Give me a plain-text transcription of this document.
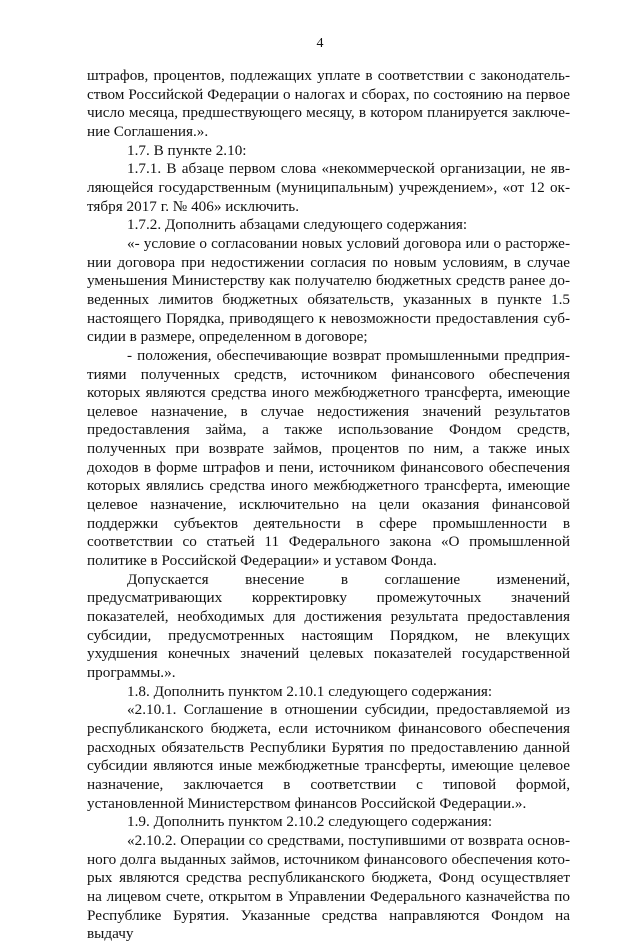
4

штрафов, процентов, подлежащих уплате в соответствии с законодательством Российской Федерации о налогах и сборах, по состоянию на первое число месяца, предшествующего месяцу, в котором планируется заключение Соглашения.».

1.7. В пункте 2.10:

1.7.1. В абзаце первом слова «некоммерческой организации, не являющейся государственным (муниципальным) учреждением», «от 12 октября 2017 г. № 406» исключить.

1.7.2. Дополнить абзацами следующего содержания:

«- условие о согласовании новых условий договора или о расторжении договора при недостижении согласия по новым условиям, в случае уменьшения Министерству как получателю бюджетных средств ранее доведенных лимитов бюджетных обязательств, указанных в пункте 1.5 настоящего Порядка, приводящего к невозможности предоставления субсидии в размере, определенном в договоре;

- положения, обеспечивающие возврат промышленными предприятиями полученных средств, источником финансового обеспечения которых являются средства иного межбюджетного трансферта, имеющие целевое назначение, в случае недостижения значений результатов предоставления займа, а также использование Фондом средств, полученных при возврате займов, процентов по ним, а также иных доходов в форме штрафов и пени, источником финансового обеспечения которых являлись средства иного межбюджетного трансферта, имеющие целевое назначение, исключительно на цели оказания финансовой поддержки субъектов деятельности в сфере промышленности в соответствии со статьей 11 Федерального закона «О промышленной политике в Российской Федерации» и уставом Фонда.

Допускается внесение в соглашение изменений, предусматривающих корректировку промежуточных значений показателей, необходимых для достижения результата предоставления субсидии, предусмотренных настоящим Порядком, не влекущих ухудшения конечных значений целевых показателей государственной программы.».

1.8. Дополнить пунктом 2.10.1 следующего содержания:

«2.10.1. Соглашение в отношении субсидии, предоставляемой из республиканского бюджета, если источником финансового обеспечения расходных обязательств Республики Бурятия по предоставлению данной субсидии являются иные межбюджетные трансферты, имеющие целевое назначение, заключается в соответствии с типовой формой, установленной Министерством финансов Российской Федерации.».

1.9. Дополнить пунктом 2.10.2 следующего содержания:

«2.10.2. Операции со средствами, поступившими от возврата основного долга выданных займов, источником финансового обеспечения которых являются средства республиканского бюджета, Фонд осуществляет на лицевом счете, открытом в Управлении Федерального казначейства по Республике Бурятия. Указанные средства направляются Фондом на выдачу
